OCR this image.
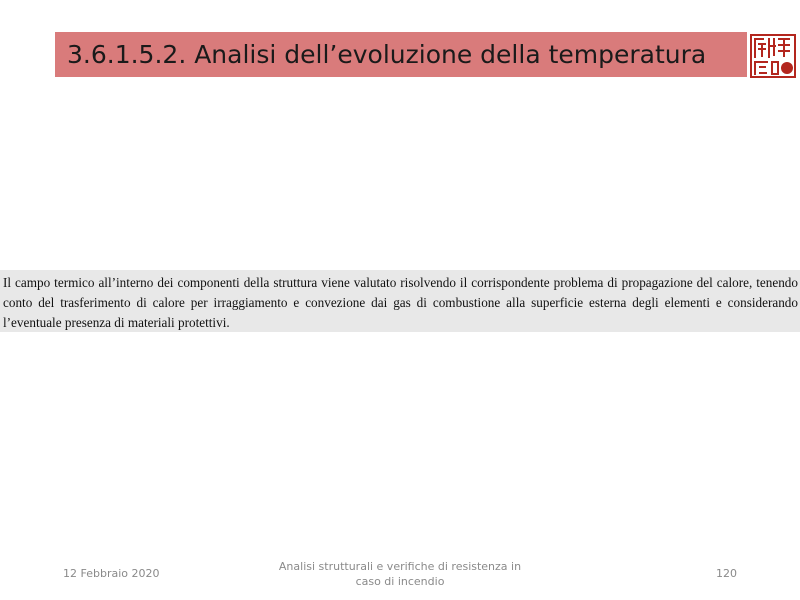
3.6.1.5.2. Analisi dell’evoluzione della temperatura

Il campo termico all’interno dei componenti della struttura viene valutato risolvendo il corrispondente problema di propagazione del calore, tenendo conto del trasferimento di calore per irraggiamento e convezione dai gas di combustione alla superficie esterna degli elementi e considerando l’eventuale presenza di materiali protettivi.

12 Febbraio 2020
Analisi strutturali e verifiche di resistenza in
caso di incendio
120
